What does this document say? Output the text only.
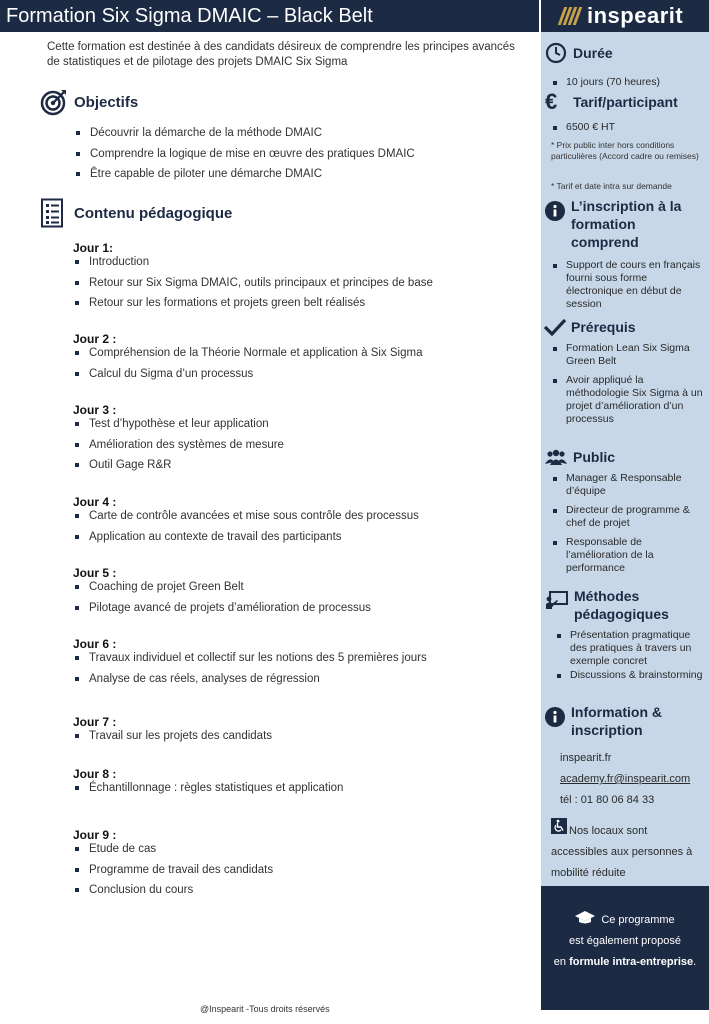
Formation Six Sigma DMAIC – Black Belt	inspearit
Cette formation est destinée à des candidats désireux de comprendre les principes avancés de statistiques et de pilotage des projets DMAIC Six Sigma
Objectifs
Découvrir la démarche de la méthode DMAIC
Comprendre la logique de mise en œuvre des pratiques DMAIC
Être capable de piloter une démarche DMAIC
Contenu pédagogique
Jour 1:
Introduction
Retour sur Six Sigma DMAIC, outils principaux et principes de base
Retour sur les formations et projets green belt réalisés
Jour 2 :
Compréhension de la Théorie Normale et application à Six Sigma
Calcul du Sigma d’un processus
Jour 3 :
Test d’hypothèse et leur application
Amélioration des systèmes de mesure
Outil Gage R&R
Jour 4 :
Carte de contrôle avancées et mise sous contrôle des processus
Application au contexte de travail des participants
Jour 5 :
Coaching de projet Green Belt
Pilotage avancé de projets d’amélioration de processus
Jour 6 :
Travaux individuel et collectif sur les notions des 5 premières jours
Analyse de cas réels, analyses de régression
Jour 7 :
Travail sur les projets des candidats
Jour 8 :
Échantillonnage : règles statistiques et application
Jour 9 :
Etude de cas
Programme de travail des candidats
Conclusion du cours
@Inspearit -Tous droits réservés
Durée
10 jours (70 heures)
€	Tarif/participant
6500 € HT
* Prix public inter hors conditions particulières (Accord cadre ou remises)
* Tarif et date intra sur demande
L’inscription à la formation comprend
Support de cours en français fourni sous forme électronique en début de session
Prérequis
Formation Lean Six Sigma Green Belt
Avoir appliqué la méthodologie Six Sigma à un projet d’amélioration d’un processus
Public
Manager & Responsable d’équipe
Directeur de programme & chef de projet
Responsable de l’amélioration de la performance
Méthodes pédagogiques
Présentation pragmatique des pratiques à travers un exemple concret
Discussions & brainstorming
Information & inscription
inspearit.fr
academy.fr@inspearit.com
tél : 01 80 06 84 33
Nos locaux sont accessibles aux personnes à mobilité réduite
Ce programme
est également proposé
en formule intra-entreprise.
